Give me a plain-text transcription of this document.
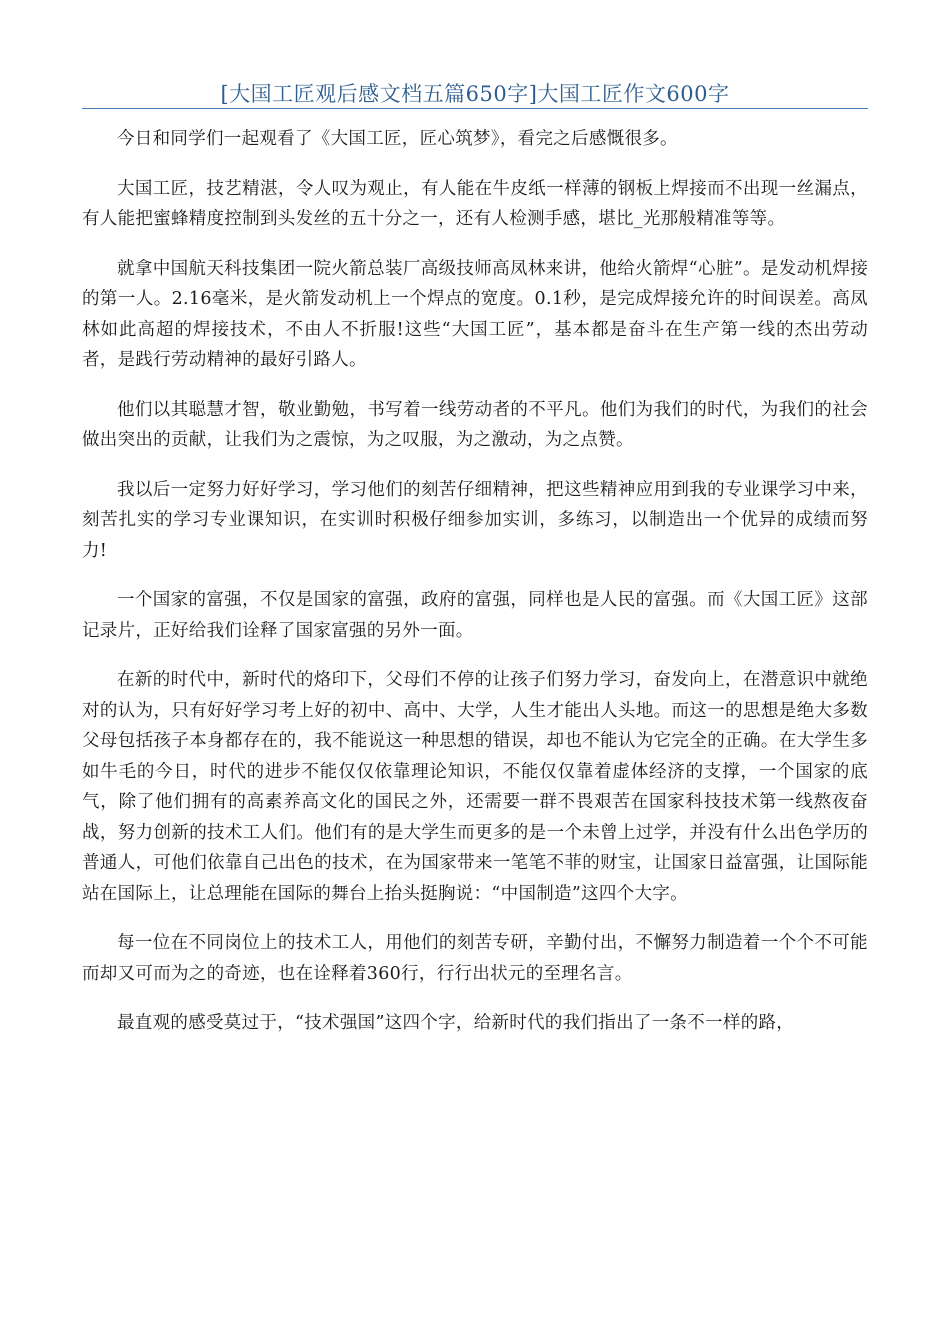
[大国工匠观后感文档五篇650字]大国工匠作文600字

今日和同学们一起观看了《大国工匠，匠心筑梦》，看完之后感慨很多。

大国工匠，技艺精湛，令人叹为观止，有人能在牛皮纸一样薄的钢板上焊接而不出现一丝漏点，有人能把蜜蜂精度控制到头发丝的五十分之一，还有人检测手感，堪比_光那般精准等等。

就拿中国航天科技集团一院火箭总装厂高级技师高凤林来讲，他给火箭焊“心脏”。是发动机焊接的第一人。2.16毫米，是火箭发动机上一个焊点的宽度。0.1秒，是完成焊接允许的时间误差。高凤林如此高超的焊接技术，不由人不折服!这些“大国工匠”，基本都是奋斗在生产第一线的杰出劳动者，是践行劳动精神的最好引路人。

他们以其聪慧才智，敬业勤勉，书写着一线劳动者的不平凡。他们为我们的时代，为我们的社会做出突出的贡献，让我们为之震惊，为之叹服，为之激动，为之点赞。

我以后一定努力好好学习，学习他们的刻苦仔细精神，把这些精神应用到我的专业课学习中来，刻苦扎实的学习专业课知识，在实训时积极仔细参加实训，多练习，以制造出一个优异的成绩而努力!

一个国家的富强，不仅是国家的富强，政府的富强，同样也是人民的富强。而《大国工匠》这部记录片，正好给我们诠释了国家富强的另外一面。

在新的时代中，新时代的烙印下，父母们不停的让孩子们努力学习，奋发向上，在潜意识中就绝对的认为，只有好好学习考上好的初中、高中、大学，人生才能出人头地。而这一的思想是绝大多数父母包括孩子本身都存在的，我不能说这一种思想的错误，却也不能认为它完全的正确。在大学生多如牛毛的今日，时代的进步不能仅仅依靠理论知识，不能仅仅靠着虚体经济的支撑，一个国家的底气，除了他们拥有的高素养高文化的国民之外，还需要一群不畏艰苦在国家科技技术第一线熬夜奋战，努力创新的技术工人们。他们有的是大学生而更多的是一个未曾上过学，并没有什么出色学历的普通人，可他们依靠自己出色的技术，在为国家带来一笔笔不菲的财宝，让国家日益富强，让国际能站在国际上，让总理能在国际的舞台上抬头挺胸说：“中国制造”这四个大字。

每一位在不同岗位上的技术工人，用他们的刻苦专研，辛勤付出，不懈努力制造着一个个不可能而却又可而为之的奇迹，也在诠释着360行，行行出状元的至理名言。

最直观的感受莫过于，“技术强国”这四个字，给新时代的我们指出了一条不一样的路，
